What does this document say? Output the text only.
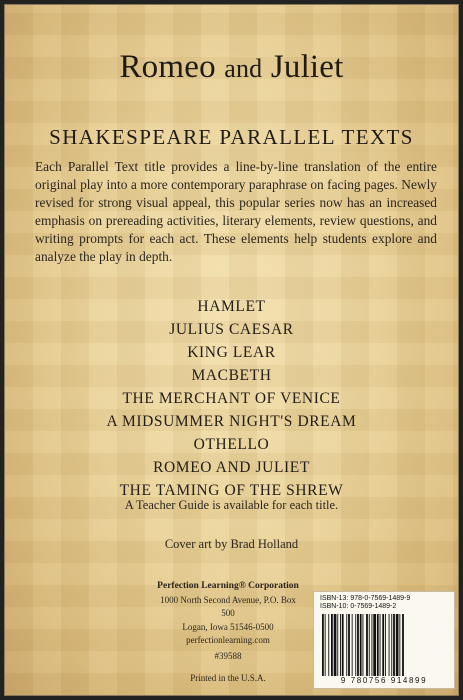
Romeo and Juliet
SHAKESPEARE PARALLEL TEXTS
Each Parallel Text title provides a line-by-line translation of the entire original play into a more contemporary paraphrase on facing pages. Newly revised for strong visual appeal, this popular series now has an increased emphasis on prereading activities, literary elements, review questions, and writing prompts for each act. These elements help students explore and analyze the play in depth.
HAMLET
JULIUS CAESAR
KING LEAR
MACBETH
THE MERCHANT OF VENICE
A MIDSUMMER NIGHT'S DREAM
OTHELLO
ROMEO AND JULIET
THE TAMING OF THE SHREW
A Teacher Guide is available for each title.
Cover art by Brad Holland
Perfection Learning® Corporation
1000 North Second Avenue, P.O. Box 500
Logan, Iowa 51546-0500
perfectionlearning.com
#39588
Printed in the U.S.A.
ISBN-13: 978-0-7569-1489-9
ISBN-10: 0-7569-1489-2
9 780756 914899
